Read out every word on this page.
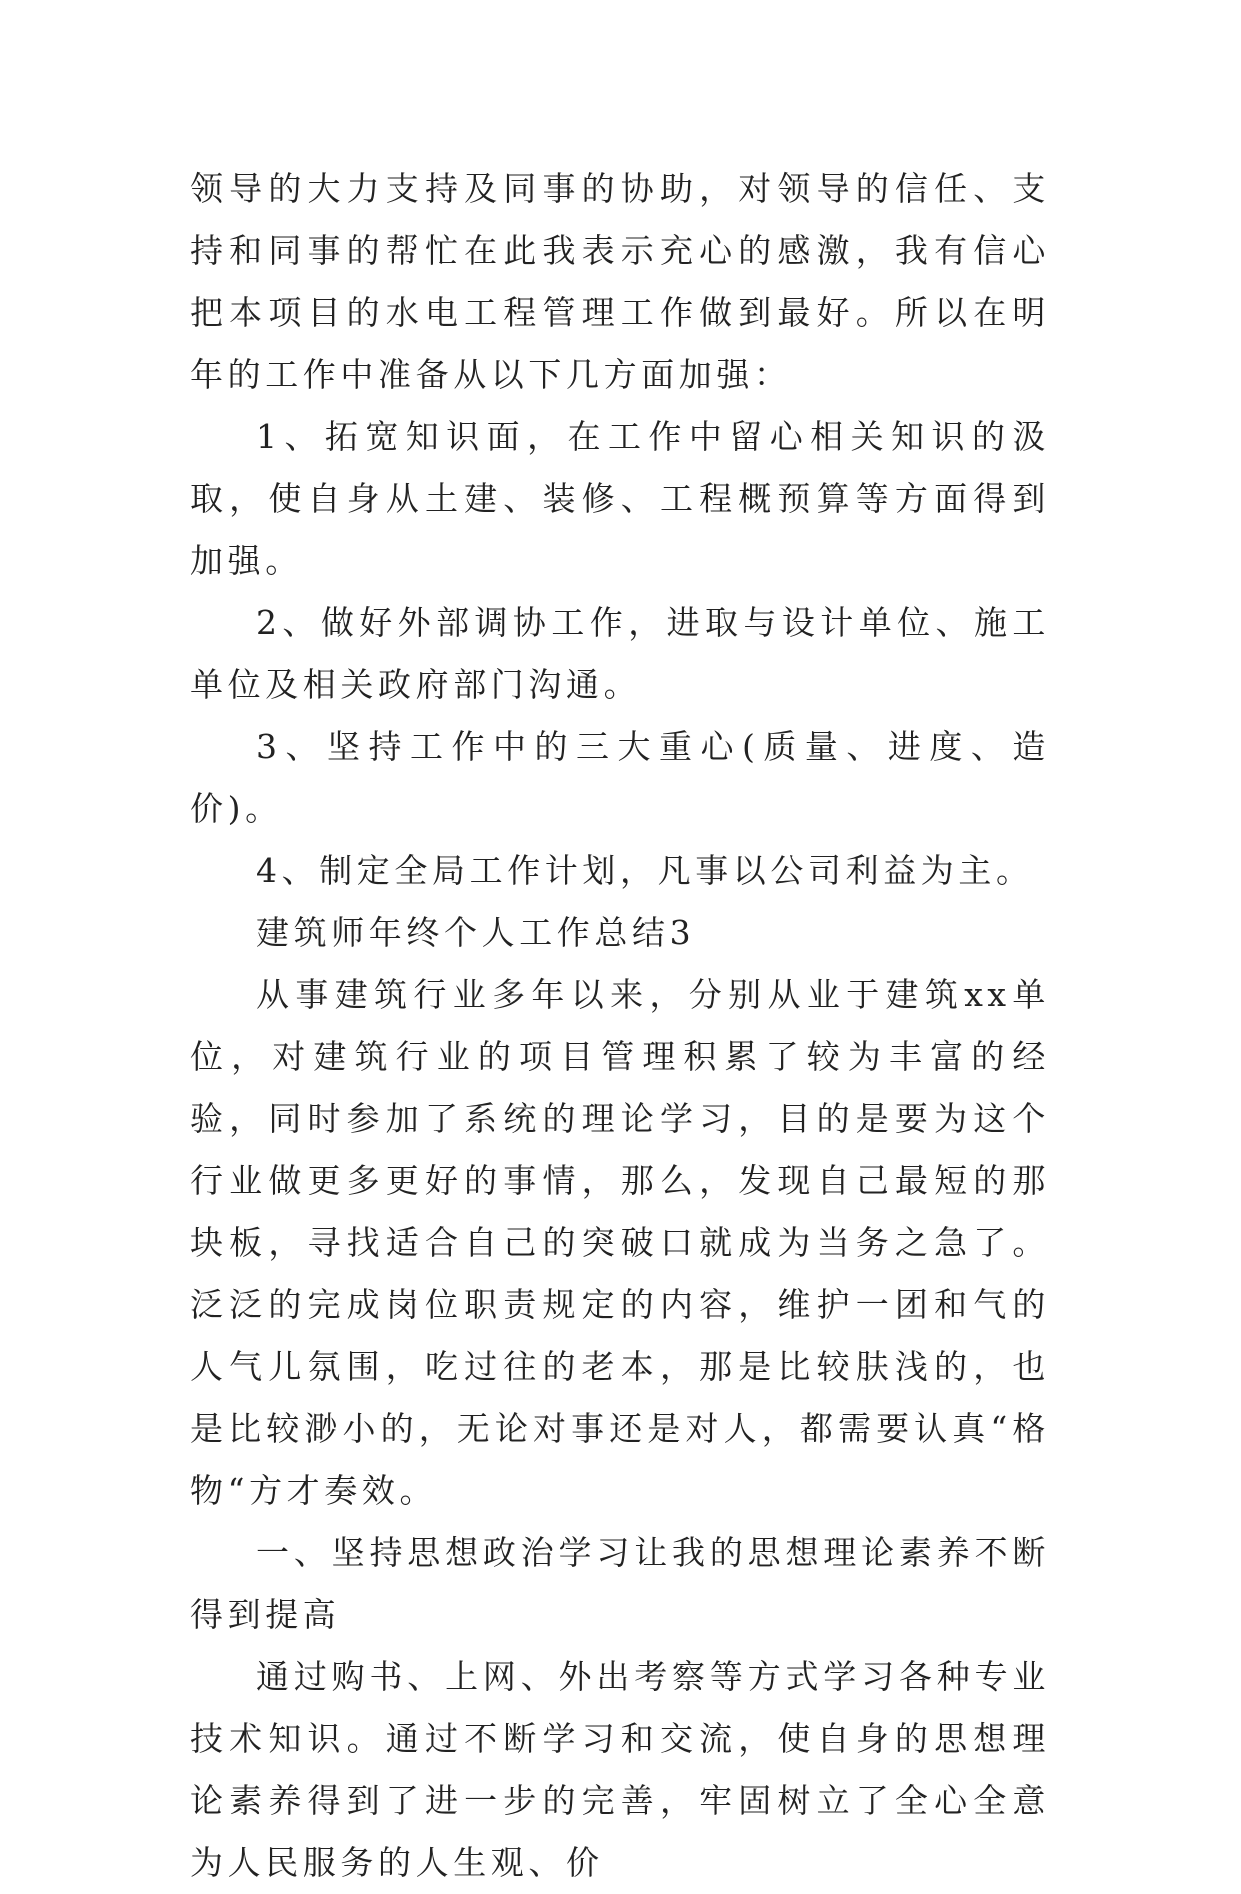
领导的大力支持及同事的协助，对领导的信任、支持和同事的帮忙在此我表示充心的感激，我有信心把本项目的水电工程管理工作做到最好。所以在明年的工作中准备从以下几方面加强：

1、拓宽知识面，在工作中留心相关知识的汲取，使自身从土建、装修、工程概预算等方面得到加强。

2、做好外部调协工作，进取与设计单位、施工单位及相关政府部门沟通。

3、坚持工作中的三大重心(质量、进度、造价)。

4、制定全局工作计划，凡事以公司利益为主。

建筑师年终个人工作总结3

从事建筑行业多年以来，分别从业于建筑xx单位，对建筑行业的项目管理积累了较为丰富的经验，同时参加了系统的理论学习，目的是要为这个行业做更多更好的事情，那么，发现自己最短的那块板，寻找适合自己的突破口就成为当务之急了。泛泛的完成岗位职责规定的内容，维护一团和气的人气儿氛围，吃过往的老本，那是比较肤浅的，也是比较渺小的，无论对事还是对人，都需要认真“格物“方才奏效。

一、坚持思想政治学习让我的思想理论素养不断得到提高

通过购书、上网、外出考察等方式学习各种专业技术知识。通过不断学习和交流，使自身的思想理论素养得到了进一步的完善，牢固树立了全心全意为人民服务的人生观、价
